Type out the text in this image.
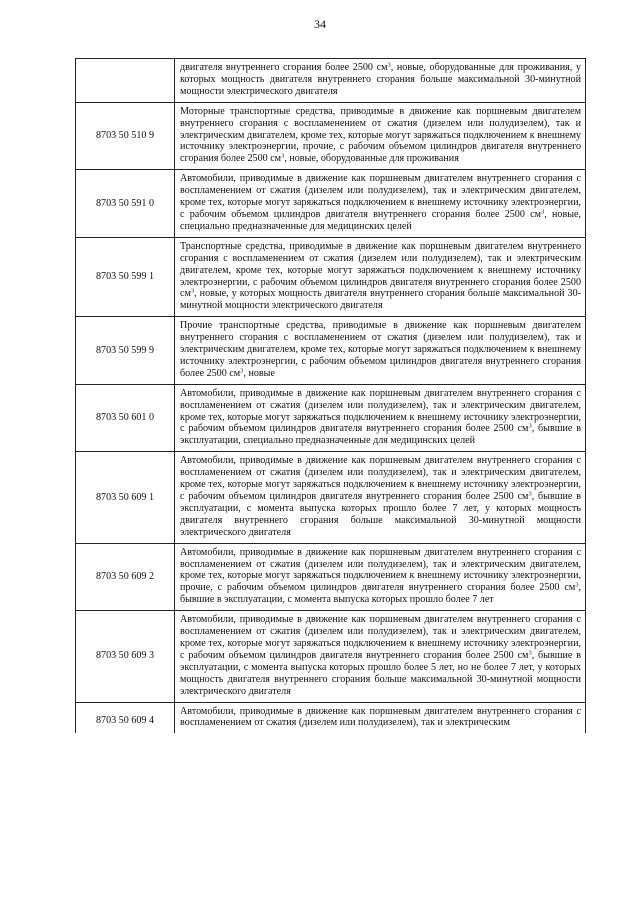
34
	двигателя внутреннего сгорания более 2500 $см^3$, новые, оборудованные для проживания, у которых мощность двигателя внутреннего сгорания больше максимальной 30-минутной мощности электрического двигателя
8703 50 510 9	Моторные транспортные средства, приводимые в движение как поршневым двигателем внутреннего сгорания с воспламенением от сжатия (дизелем или полудизелем), так и электрическим двигателем, кроме тех, которые могут заряжаться подключением к внешнему источнику электроэнергии, прочие, с рабочим объемом цилиндров двигателя внутреннего сгорания более 2500 $см^3$, новые, оборудованные для проживания
8703 50 591 0	Автомобили, приводимые в движение как поршневым двигателем внутреннего сгорания с воспламенением от сжатия (дизелем или полудизелем), так и электрическим двигателем, кроме тех, которые могут заряжаться подключением к внешнему источнику электроэнергии, с рабочим объемом цилиндров двигателя внутреннего сгорания более 2500 $см^3$, новые, специально предназначенные для медицинских целей
8703 50 599 1	Транспортные средства, приводимые в движение как поршневым двигателем внутреннего сгорания с воспламенением от сжатия (дизелем или полудизелем), так и электрическим двигателем, кроме тех, которые могут заряжаться подключением к внешнему источнику электроэнергии, с рабочим объемом цилиндров двигателя внутреннего сгорания более 2500 $см^3$, новые, у которых мощность двигателя внутреннего сгорания больше максимальной 30-минутной мощности электрического двигателя
8703 50 599 9	Прочие транспортные средства, приводимые в движение как поршневым двигателем внутреннего сгорания с воспламенением от сжатия (дизелем или полудизелем), так и электрическим двигателем, кроме тех, которые могут заряжаться подключением к внешнему источнику электроэнергии, с рабочим объемом цилиндров двигателя внутреннего сгорания более 2500 $см^3$, новые
8703 50 601 0	Автомобили, приводимые в движение как поршневым двигателем внутреннего сгорания с воспламенением от сжатия (дизелем или полудизелем), так и электрическим двигателем, кроме тех, которые могут заряжаться подключением к внешнему источнику электроэнергии, с рабочим объемом цилиндров двигателя внутреннего сгорания более 2500 $см^3$, бывшие в эксплуатации, специально предназначенные для медицинских целей
8703 50 609 1	Автомобили, приводимые в движение как поршневым двигателем внутреннего сгорания с воспламенением от сжатия (дизелем или полудизелем), так и электрическим двигателем, кроме тех, которые могут заряжаться подключением к внешнему источнику электроэнергии, с рабочим объемом цилиндров двигателя внутреннего сгорания более 2500 $см^3$, бывшие в эксплуатации, с момента выпуска которых прошло более 7 лет, у которых мощность двигателя внутреннего сгорания больше максимальной 30-минутной мощности электрического двигателя
8703 50 609 2	Автомобили, приводимые в движение как поршневым двигателем внутреннего сгорания с воспламенением от сжатия (дизелем или полудизелем), так и электрическим двигателем, кроме тех, которые могут заряжаться подключением к внешнему источнику электроэнергии, прочие, с рабочим объемом цилиндров двигателя внутреннего сгорания более 2500 $см^3$, бывшие в эксплуатации, с момента выпуска которых прошло более 7 лет
8703 50 609 3	Автомобили, приводимые в движение как поршневым двигателем внутреннего сгорания с воспламенением от сжатия (дизелем или полудизелем), так и электрическим двигателем, кроме тех, которые могут заряжаться подключением к внешнему источнику электроэнергии, с рабочим объемом цилиндров двигателя внутреннего сгорания более 2500 $см^3$, бывшие в эксплуатации, с момента выпуска которых прошло более 5 лет, но не более 7 лет, у которых мощность двигателя внутреннего сгорания больше максимальной 30-минутной мощности электрического двигателя
8703 50 609 4	Автомобили, приводимые в движение как поршневым двигателем внутреннего сгорания с воспламенением от сжатия (дизелем или полудизелем), так и электрическим
